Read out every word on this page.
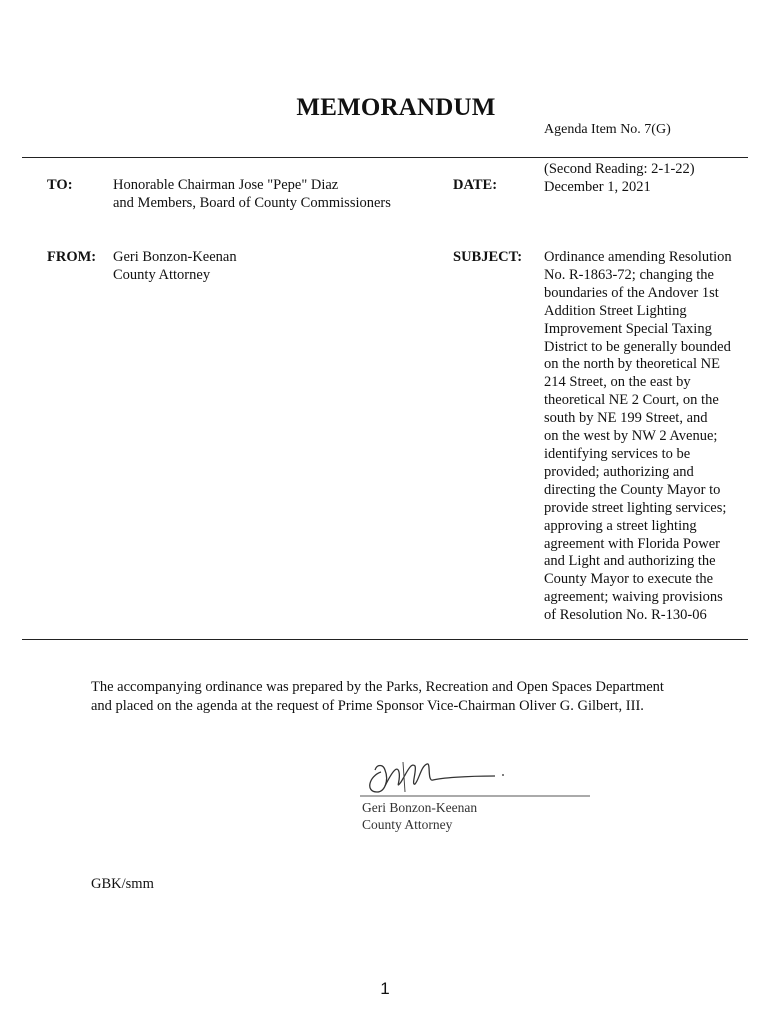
MEMORANDUM
Agenda Item No. 7(G)
TO:	Honorable Chairman Jose "Pepe" Diaz
and Members, Board of County Commissioners
DATE:
(Second Reading: 2-1-22)
December 1, 2021
FROM: Geri Bonzon-Keenan
County Attorney
SUBJECT: Ordinance amending Resolution
No. R-1863-72; changing the
boundaries of the Andover 1st
Addition Street Lighting
Improvement Special Taxing
District to be generally bounded
on the north by theoretical NE
214 Street, on the east by
theoretical NE 2 Court, on the
south by NE 199 Street, and
on the west by NW 2 Avenue;
identifying services to be
provided; authorizing and
directing the County Mayor to
provide street lighting services;
approving a street lighting
agreement with Florida Power
and Light and authorizing the
County Mayor to execute the
agreement; waiving provisions
of Resolution No. R-130-06
The accompanying ordinance was prepared by the Parks, Recreation and Open Spaces Department
and placed on the agenda at the request of Prime Sponsor Vice-Chairman Oliver G. Gilbert, III.
Geri Bonzon-Keenan
County Attorney
GBK/smm
1
